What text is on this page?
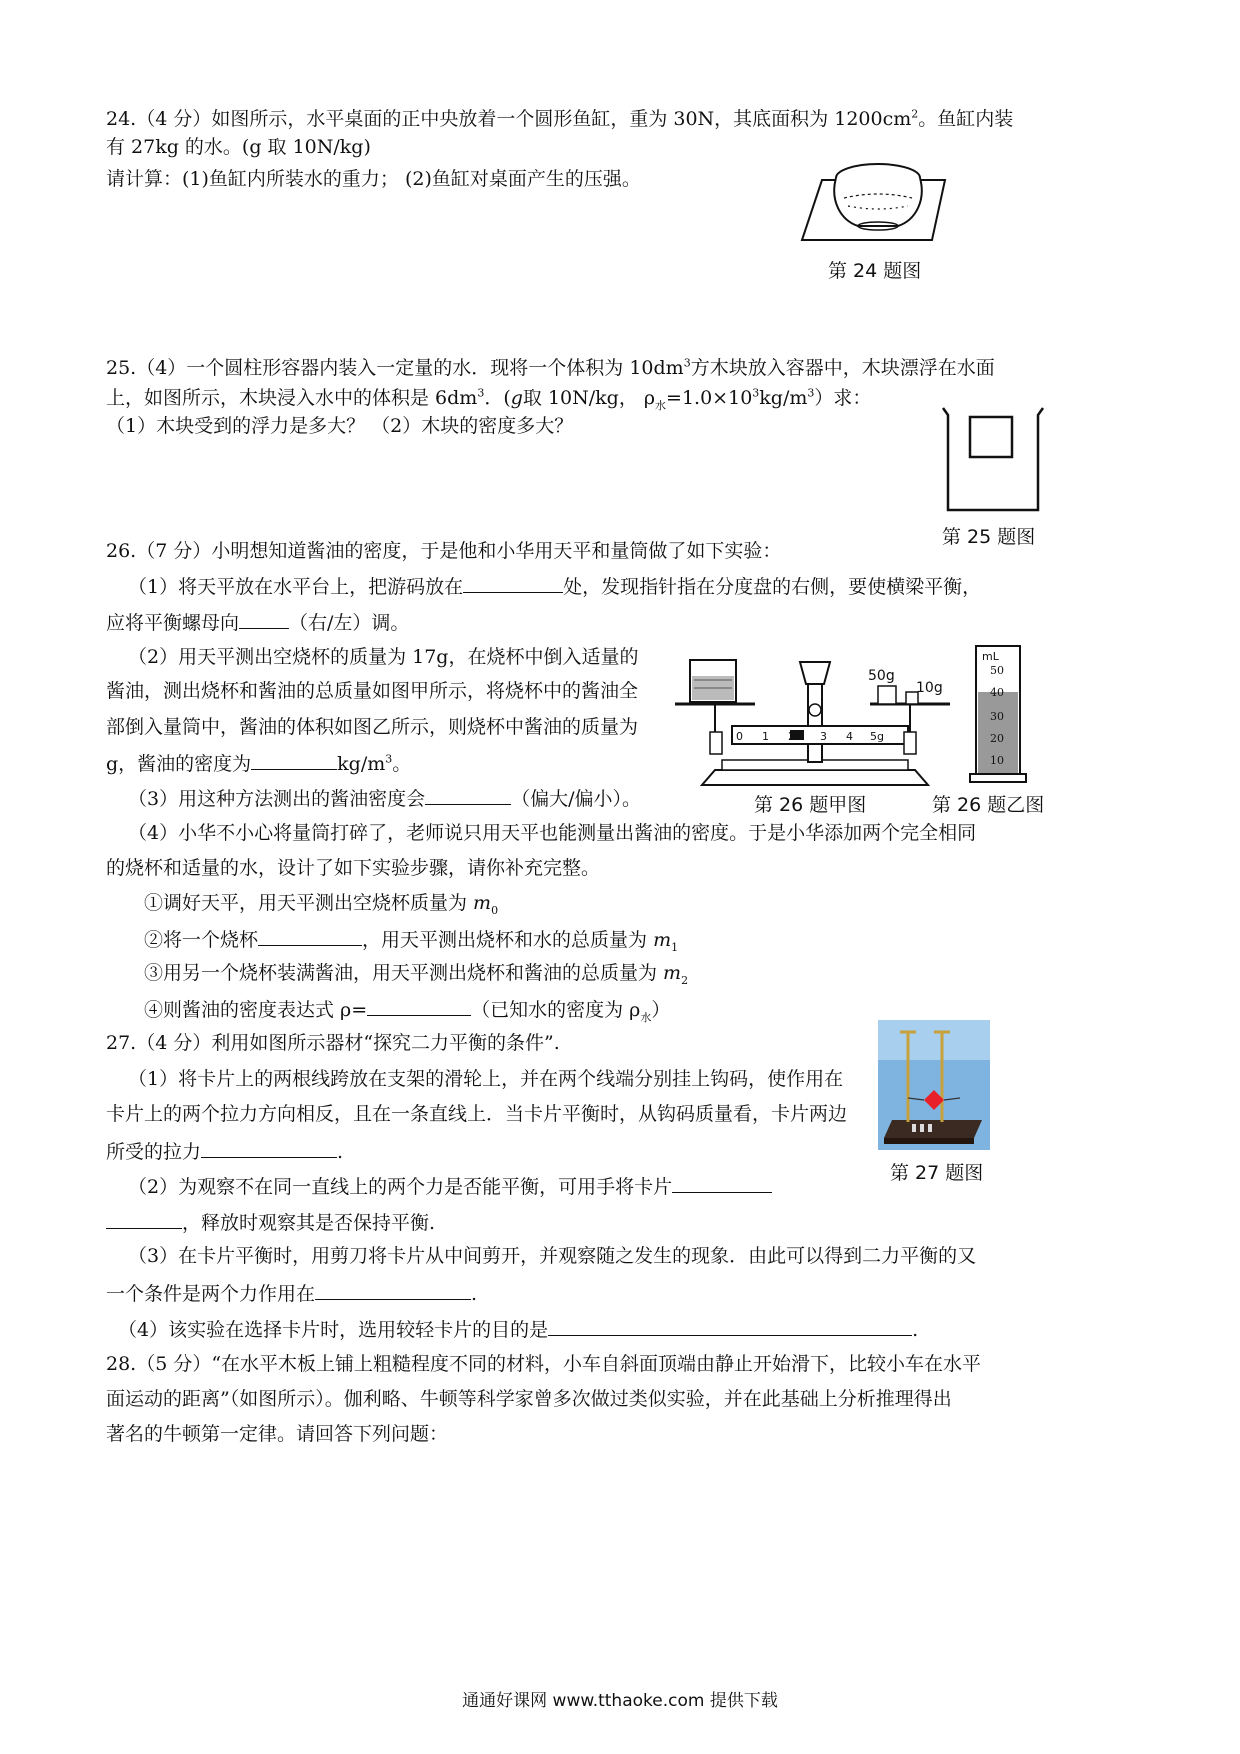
24.（4 分）如图所示，水平桌面的正中央放着一个圆形鱼缸，重为 30N，其底面积为 $1200cm^2$。鱼缸内装
有 27kg 的水。(g 取 10N/kg)
请计算：(1)鱼缸内所装水的重力； (2)鱼缸对桌面产生的压强。
第 24 题图
25.（4）一个圆柱形容器内装入一定量的水．现将一个体积为 $10dm^3$方木块放入容器中，木块漂浮在水面
上，如图所示，木块浸入水中的体积是 $6dm^3$．(g取 10N/kg， $\rho_水=1.0\times 10^3kg/m^3$）求：
（1）木块受到的浮力是多大？ （2）木块的密度多大？
第 25 题图
26.（7 分）小明想知道酱油的密度，于是他和小华用天平和量筒做了如下实验：
（1）将天平放在水平台上，把游码放在	处，发现指针指在分度盘的右侧，要使横梁平衡，
应将平衡螺母向	（右/左）调。
（2）用天平测出空烧杯的质量为 17g，在烧杯中倒入适量的
酱油，测出烧杯和酱油的总质量如图甲所示，将烧杯中的酱油全
部倒入量筒中，酱油的体积如图乙所示，则烧杯中酱油的质量为
g，酱油的密度为	$kg/m^3$。
（3）用这种方法测出的酱油密度会	（偏大/偏小）。
（4）小华不小心将量筒打碎了，老师说只用天平也能测量出酱油的密度。于是小华添加两个完全相同
的烧杯和适量的水，设计了如下实验步骤，请你补充完整。
①调好天平，用天平测出空烧杯质量为 $m_0$
②将一个烧杯	，用天平测出烧杯和水的总质量为 $m_1$
③用另一个烧杯装满酱油，用天平测出烧杯和酱油的总质量为 $m_2$
④则酱油的密度表达式 ρ=	（已知水的密度为 $\rho_水$）
0 1 2 3 4 5g
50g
10g
mL
50
40
30
20
10
第 26 题甲图	第 26 题乙图
27.（4 分）利用如图所示器材“探究二力平衡的条件”.
（1）将卡片上的两根线跨放在支架的滑轮上，并在两个线端分别挂上钩码，使作用在
卡片上的两个拉力方向相反，且在一条直线上．当卡片平衡时，从钩码质量看，卡片两边
所受的拉力	.
（2）为观察不在同一直线上的两个力是否能平衡，可用手将卡片
，释放时观察其是否保持平衡.
（3）在卡片平衡时，用剪刀将卡片从中间剪开，并观察随之发生的现象．由此可以得到二力平衡的又
一个条件是两个力作用在	.
（4）该实验在选择卡片时，选用较轻卡片的目的是	.
第 27 题图
28.（5 分）“在水平木板上铺上粗糙程度不同的材料，小车自斜面顶端由静止开始滑下，比较小车在水平
面运动的距离”（如图所示）。伽利略、牛顿等科学家曾多次做过类似实验，并在此基础上分析推理得出
著名的牛顿第一定律。请回答下列问题：
通通好课网 www.tthaoke.com 提供下载
